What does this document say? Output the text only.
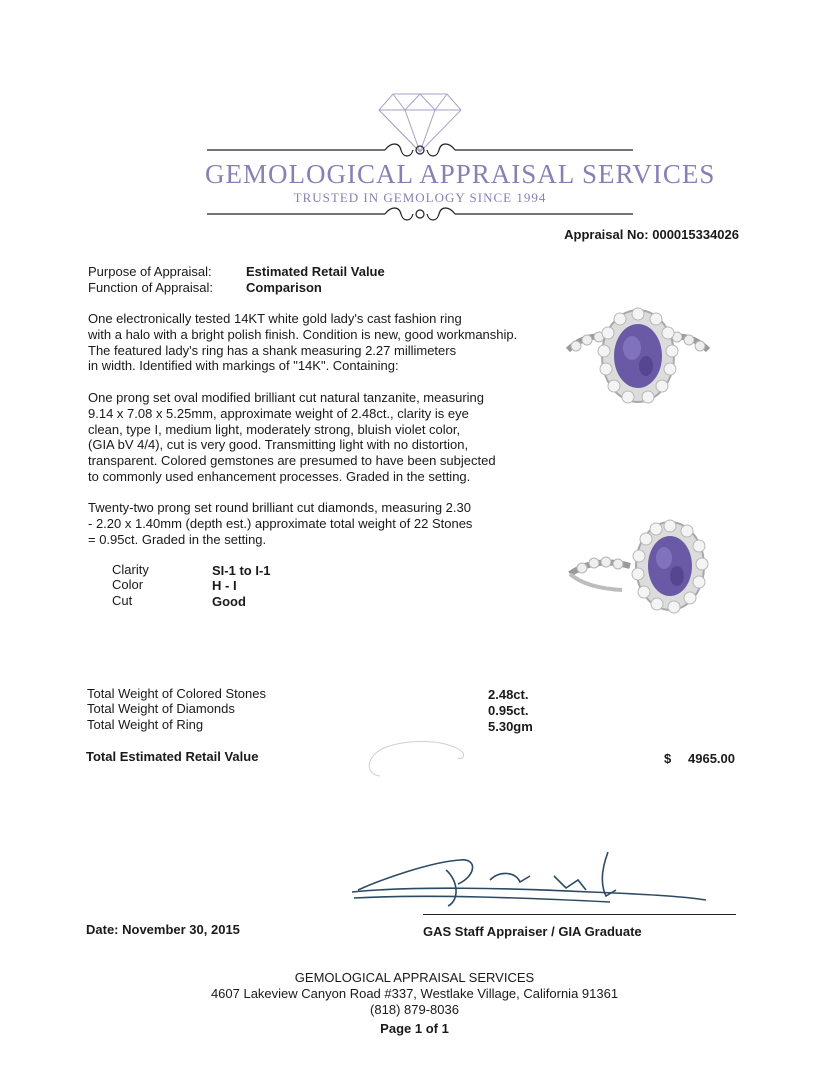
GEMOLOGICAL APPRAISAL SERVICES
TRUSTED IN GEMOLOGY SINCE 1994
Appraisal No: 000015334026
Purpose of Appraisal:	Estimated Retail Value
Function of Appraisal:	Comparison
One electronically tested 14KT white gold lady's cast fashion ring
with a halo with a bright polish finish. Condition is new, good workmanship.
The featured lady's ring has a shank measuring 2.27 millimeters
in width. Identified with markings of "14K". Containing:
One prong set oval modified brilliant cut natural tanzanite, measuring
9.14 x 7.08 x 5.25mm, approximate weight of 2.48ct., clarity is eye
clean, type I, medium light, moderately strong, bluish violet color,
(GIA bV 4/4), cut is very good. Transmitting light with no distortion,
transparent. Colored gemstones are presumed to have been subjected
to commonly used enhancement processes. Graded in the setting.
Twenty-two prong set round brilliant cut diamonds, measuring 2.30
- 2.20 x 1.40mm (depth est.) approximate total weight of 22 Stones
= 0.95ct. Graded in the setting.
Clarity	SI-1 to I-1
Color	H - I
Cut	Good
Total Weight of Colored Stones	2.48ct.
Total Weight of Diamonds	0.95ct.
Total Weight of Ring	5.30gm
Total Estimated Retail Value	$ 4965.00
Date: November 30, 2015	GAS Staff Appraiser / GIA Graduate
GEMOLOGICAL APPRAISAL SERVICES
4607 Lakeview Canyon Road #337, Westlake Village, California 91361
(818) 879-8036
Page 1 of 1
